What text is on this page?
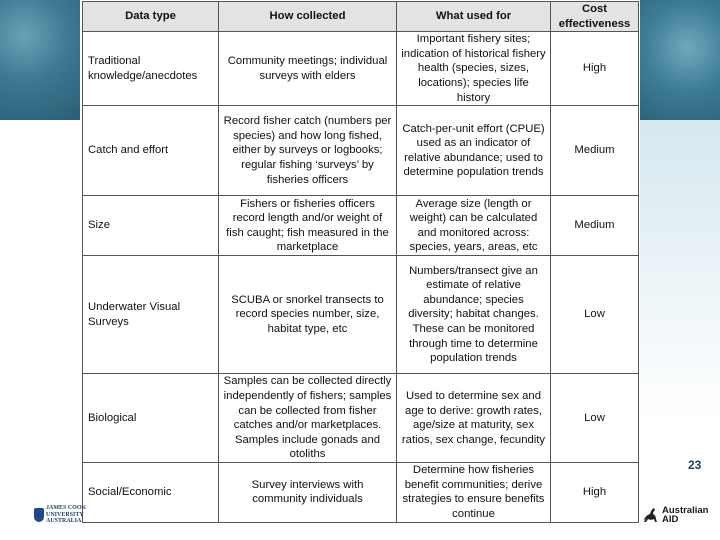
Data type	How collected	What used for	Cost effectiveness
Traditional knowledge/anecdotes	Community meetings; individual surveys with elders	Important fishery sites; indication of historical fishery health (species, sizes, locations); species life history	High
Catch and effort	Record fisher catch (numbers per species) and how long fished, either by surveys or logbooks; regular fishing ‘surveys’ by fisheries officers	Catch-per-unit effort (CPUE) used as an indicator of relative abundance; used to determine population trends	Medium
Size	Fishers or fisheries officers record length and/or weight of fish caught; fish measured in the marketplace	Average size (length or weight) can be calculated and monitored across: species, years, areas, etc	Medium
Underwater Visual Surveys	SCUBA or snorkel transects to record species number, size, habitat type, etc	Numbers/transect give an estimate of relative abundance; species diversity; habitat changes. These can be monitored through time to determine population trends	Low
Biological	Samples can be collected directly independently of fishers; samples can be collected from fisher catches and/or marketplaces. Samples include gonads and otoliths	Used to determine sex and age to derive: growth rates, age/size at maturity, sex ratios, sex change, fecundity	Low
Social/Economic	Survey interviews with community individuals	Determine how fisheries benefit communities; derive strategies to ensure benefits continue	High
23
JAMES COOK
UNIVERSITY
AUSTRALIA
Australian
AID
